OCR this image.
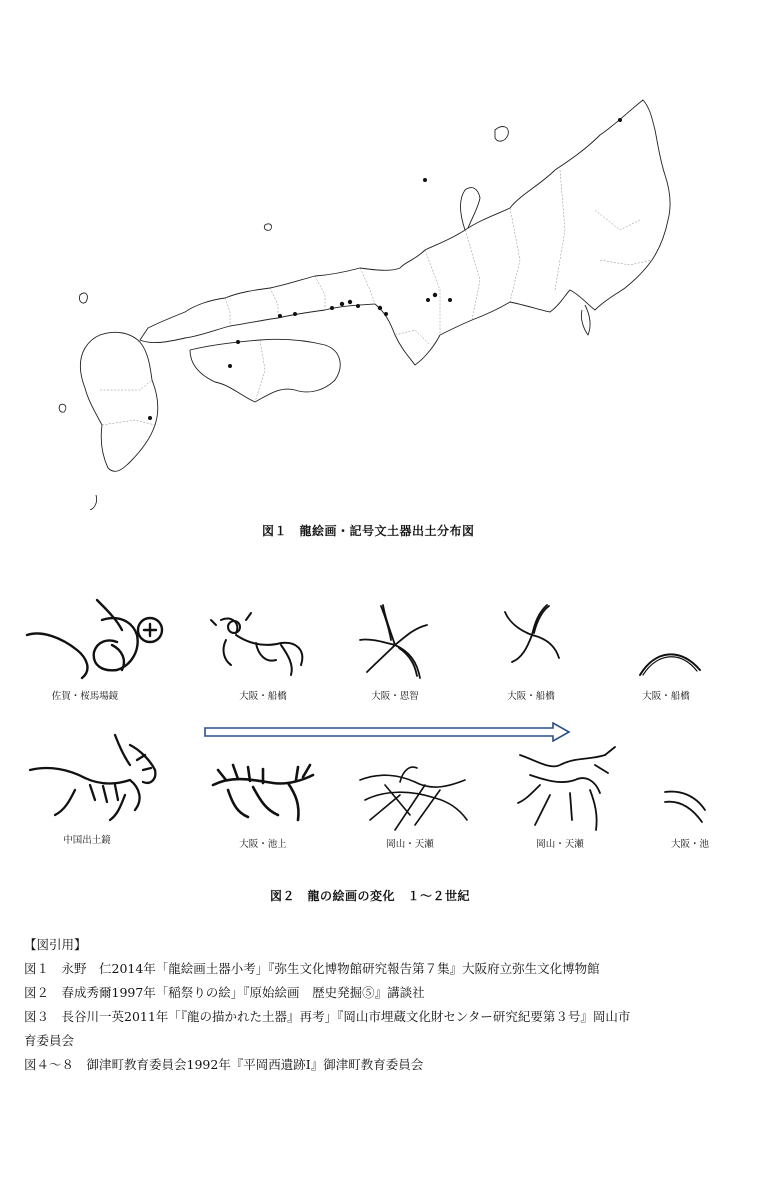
図１　龍絵画・記号文土器出土分布図
佐賀・桜馬場鏡	大阪・船橋	大阪・恩智	大阪・船橋	大阪・船橋
中国出土鏡	大阪・池上	岡山・天瀬	岡山・天瀬	大阪・池
図２　龍の絵画の変化　１～２世紀
【図引用】
図１　永野　仁2014年「龍絵画土器小考」『弥生文化博物館研究報告第７集』大阪府立弥生文化博物館
図２　春成秀爾1997年「稲祭りの絵」『原始絵画　歴史発掘⑤』講談社
図３　長谷川一英2011年「『龍の描かれた土器』再考」『岡山市埋蔵文化財センター研究紀要第３号』岡山市
育委員会
図４～８　御津町教育委員会1992年『平岡西遺跡Ⅰ』御津町教育委員会
